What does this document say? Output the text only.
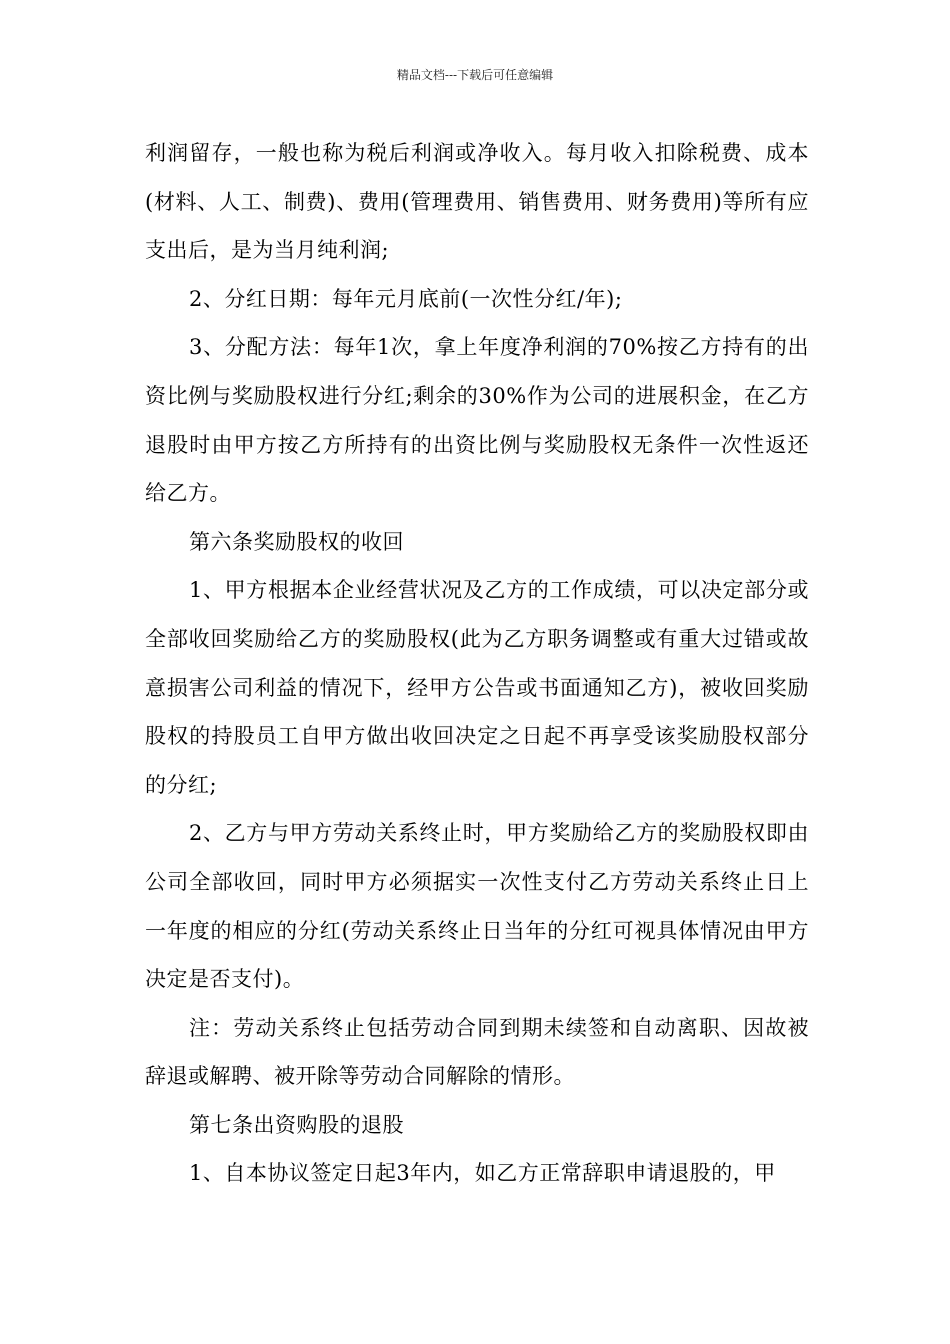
精品文档---下载后可任意编辑

利润留存，一般也称为税后利润或净收入。每月收入扣除税费、成本(材料、人工、制费)、费用(管理费用、销售费用、财务费用)等所有应支出后，是为当月纯利润;

2、分红日期：每年元月底前(一次性分红/年);

3、分配方法：每年1次，拿上年度净利润的70%按乙方持有的出资比例与奖励股权进行分红;剩余的30%作为公司的进展积金，在乙方退股时由甲方按乙方所持有的出资比例与奖励股权无条件一次性返还给乙方。

第六条奖励股权的收回

1、甲方根据本企业经营状况及乙方的工作成绩，可以决定部分或全部收回奖励给乙方的奖励股权(此为乙方职务调整或有重大过错或故意损害公司利益的情况下，经甲方公告或书面通知乙方)，被收回奖励股权的持股员工自甲方做出收回决定之日起不再享受该奖励股权部分的分红;

2、乙方与甲方劳动关系终止时，甲方奖励给乙方的奖励股权即由公司全部收回，同时甲方必须据实一次性支付乙方劳动关系终止日上一年度的相应的分红(劳动关系终止日当年的分红可视具体情况由甲方决定是否支付)。

注：劳动关系终止包括劳动合同到期未续签和自动离职、因故被辞退或解聘、被开除等劳动合同解除的情形。

第七条出资购股的退股

1、自本协议签定日起3年内，如乙方正常辞职申请退股的，甲
